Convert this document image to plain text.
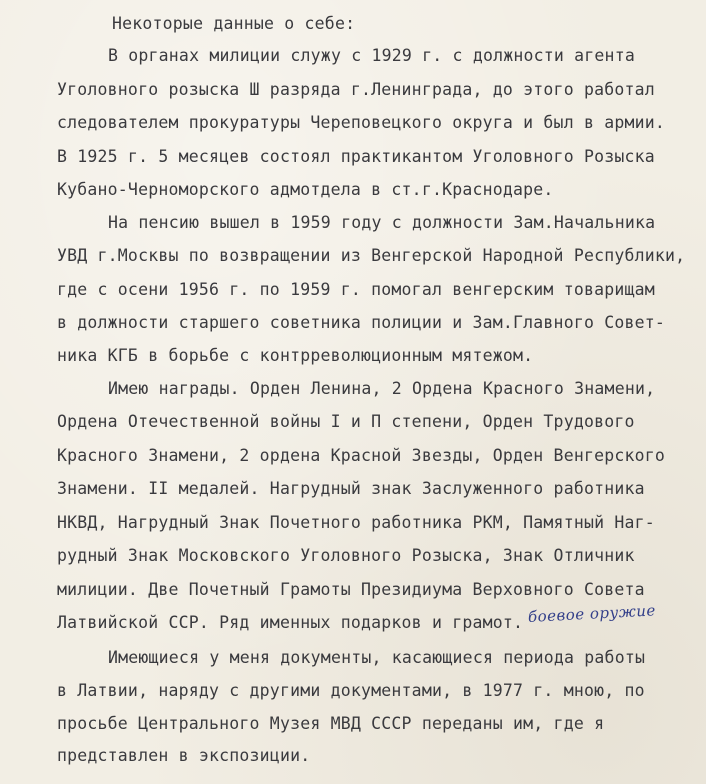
Некоторые данные о себе:
В органах милиции служу с 1929 г. с должности агента
Уголовного розыска Ш разряда г.Ленинграда, до этого работал
следователем прокуратуры Череповецкого округа и был в армии.
В 1925 г. 5 месяцев состоял практикантом Уголовного Розыска
Кубано-Черноморского адмотдела в ст.г.Краснодаре.
На пенсию вышел в 1959 году с должности Зам.Начальника
УВД г.Москвы по возвращении из Венгерской Народной Республики,
где с осени 1956 г. по 1959 г. помогал венгерским товарищам
в должности старшего советника полиции и Зам.Главного Совет-
ника КГБ в борьбе с контрреволюционным мятежом.
Имею награды. Орден Ленина, 2 Ордена Красного Знамени,
Ордена Отечественной войны I и П степени, Орден Трудового
Красного Знамени, 2 ордена Красной Звезды, Орден Венгерского
Знамени. II медалей. Нагрудный знак Заслуженного работника
НКВД, Нагрудный Знак Почетного работника РКМ, Памятный Наг-
рудный Знак Московского Уголовного Розыска, Знак Отличник
милиции. Две Почетный Грамоты Президиума Верховного Совета
Латвийской ССР. Ряд именных подарков и грамот. боевое оружие
Имеющиеся у меня документы, касающиеся периода работы
в Латвии, наряду с другими документами, в 1977 г. мною, по
просьбе Центрального Музея МВД СССР переданы им, где я
представлен в экспозиции.
